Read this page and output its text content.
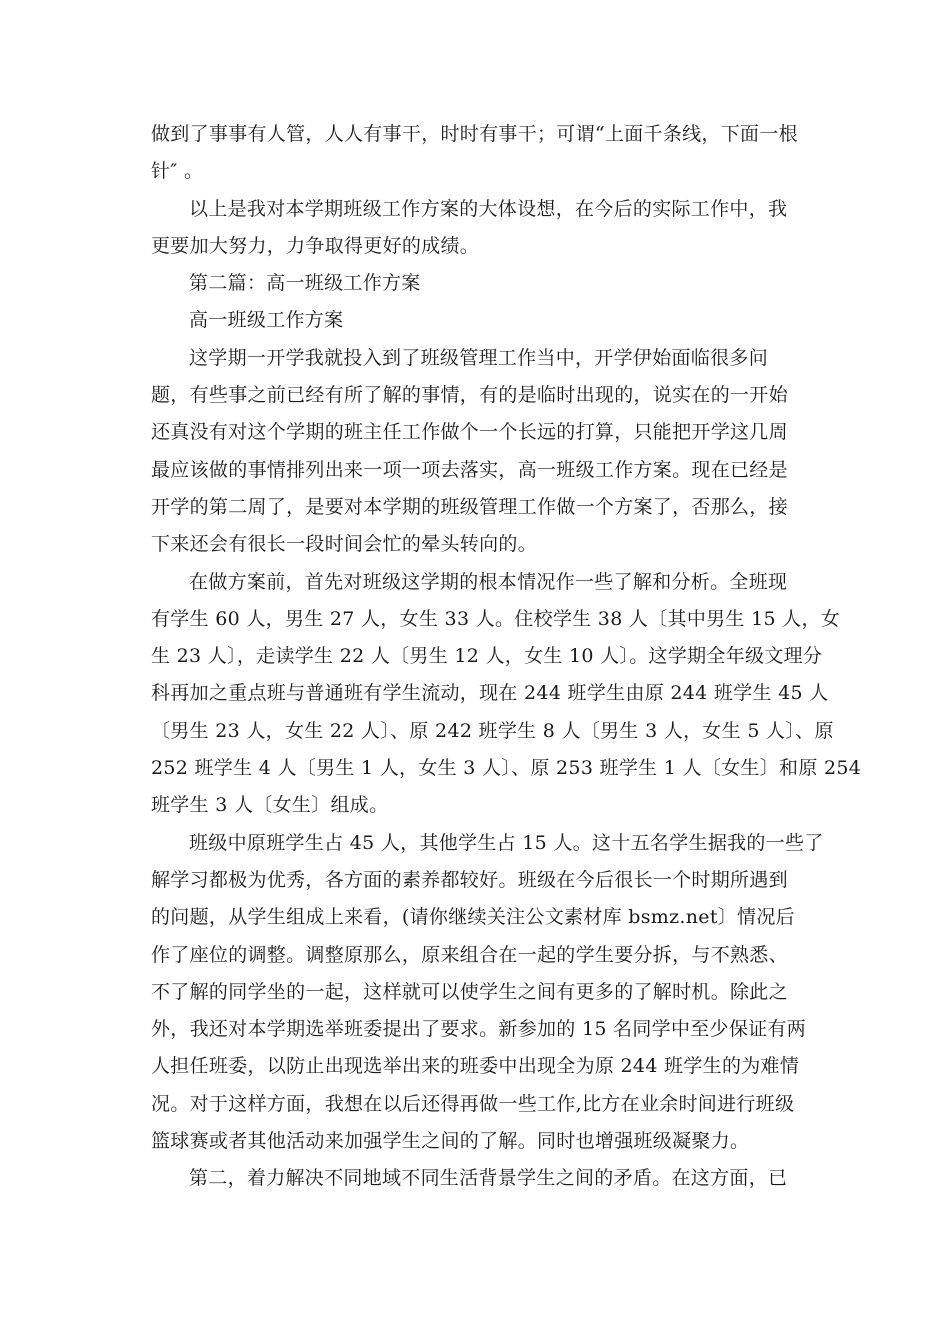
做到了事事有人管，人人有事干，时时有事干；可谓“上面千条线，下面一根
针″ 。
以上是我对本学期班级工作方案的大体设想，在今后的实际工作中，我
更要加大努力，力争取得更好的成绩。
第二篇：高一班级工作方案
高一班级工作方案
这学期一开学我就投入到了班级管理工作当中，开学伊始面临很多问
题，有些事之前已经有所了解的事情，有的是临时出现的，说实在的一开始
还真没有对这个学期的班主任工作做个一个长远的打算，只能把开学这几周
最应该做的事情排列出来一项一项去落实，高一班级工作方案。现在已经是
开学的第二周了，是要对本学期的班级管理工作做一个方案了，否那么，接
下来还会有很长一段时间会忙的晕头转向的。
在做方案前，首先对班级这学期的根本情况作一些了解和分析。全班现
有学生 60 人，男生 27 人，女生 33 人。住校学生 38 人〔其中男生 15 人，女
生 23 人〕，走读学生 22 人〔男生 12 人，女生 10 人〕。这学期全年级文理分
科再加之重点班与普通班有学生流动，现在 244 班学生由原 244 班学生 45 人
〔男生 23 人，女生 22 人〕、原 242 班学生 8 人〔男生 3 人，女生 5 人〕、原
252 班学生 4 人〔男生 1 人，女生 3 人〕、原 253 班学生 1 人〔女生〕和原 254
班学生 3 人〔女生〕组成。
班级中原班学生占 45 人，其他学生占 15 人。这十五名学生据我的一些了
解学习都极为优秀，各方面的素养都较好。班级在今后很长一个时期所遇到
的问题，从学生组成上来看，(请你继续关注公文素材库 bsmz.net〕情况后
作了座位的调整。调整原那么，原来组合在一起的学生要分拆，与不熟悉、
不了解的同学坐的一起，这样就可以使学生之间有更多的了解时机。除此之
外，我还对本学期选举班委提出了要求。新参加的 15 名同学中至少保证有两
人担任班委，以防止出现选举出来的班委中出现全为原 244 班学生的为难情
况。对于这样方面，我想在以后还得再做一些工作,比方在业余时间进行班级
篮球赛或者其他活动来加强学生之间的了解。同时也增强班级凝聚力。
第二，着力解决不同地域不同生活背景学生之间的矛盾。在这方面，已
